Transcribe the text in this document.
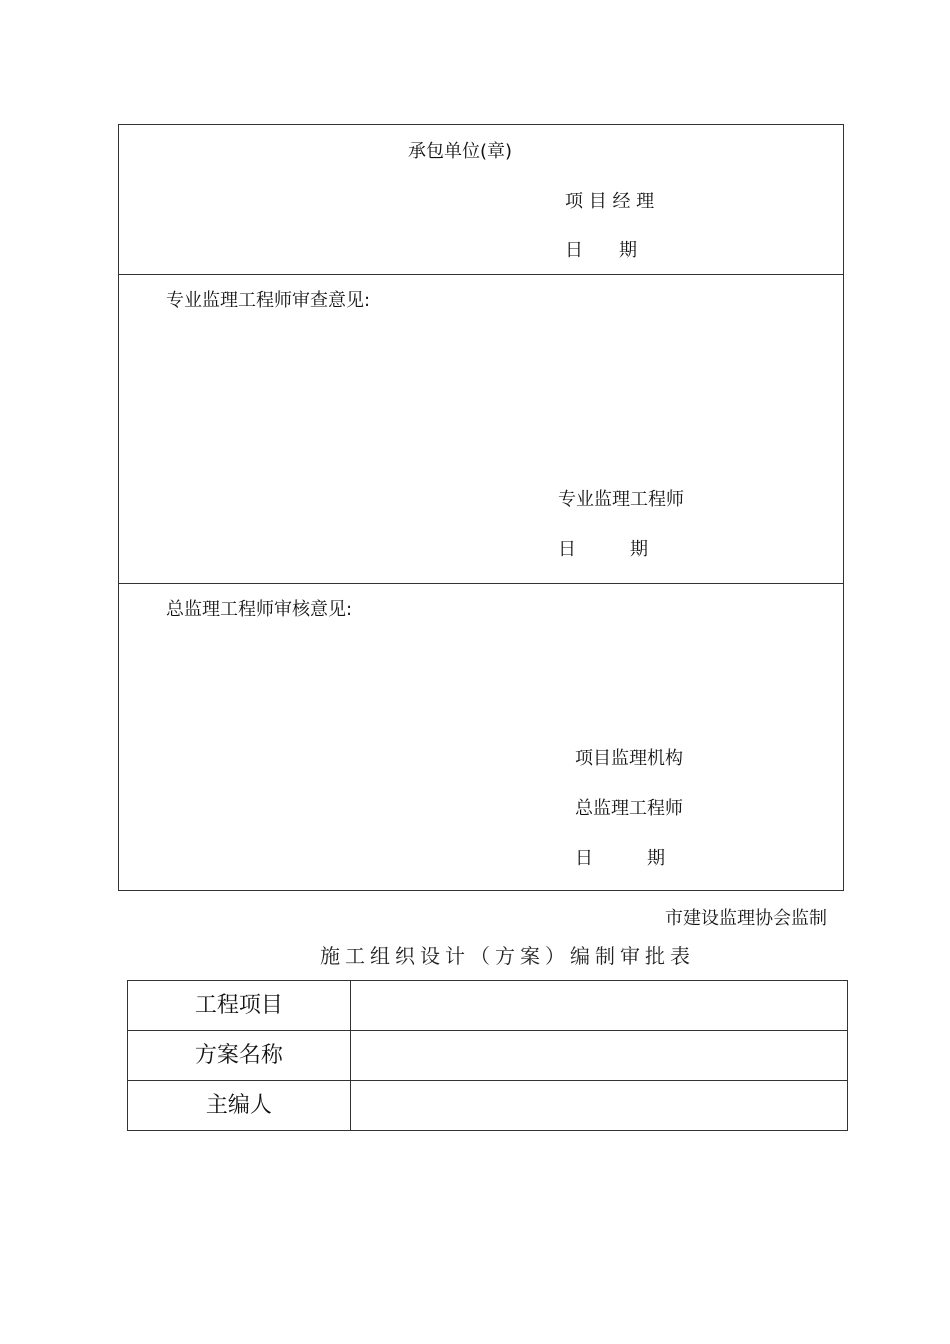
承包单位(章)
项 目 经 理
日　　期
专业监理工程师审查意见:
专业监理工程师
日　　　期
总监理工程师审核意见:
项目监理机构
总监理工程师
日　　　期
市建设监理协会监制
施工组织设计（方案）编制审批表
工程项目	
方案名称	
主编人	
